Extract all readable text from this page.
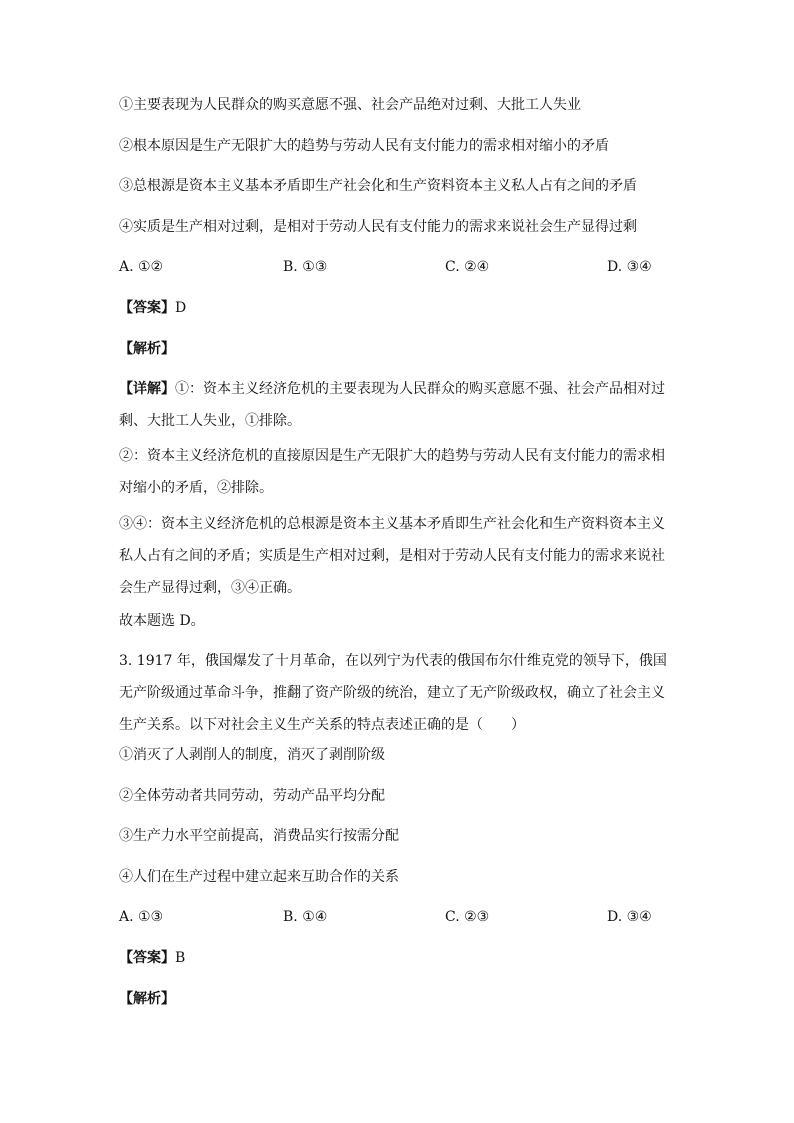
①主要表现为人民群众的购买意愿不强、社会产品绝对过剩、大批工人失业
②根本原因是生产无限扩大的趋势与劳动人民有支付能力的需求相对缩小的矛盾
③总根源是资本主义基本矛盾即生产社会化和生产资料资本主义私人占有之间的矛盾
④实质是生产相对过剩，是相对于劳动人民有支付能力的需求来说社会生产显得过剩
A. ①②	B. ①③	C. ②④	D. ③④
【答案】D
【解析】
【详解】①：资本主义经济危机的主要表现为人民群众的购买意愿不强、社会产品相对过剩、大批工人失业，①排除。
②：资本主义经济危机的直接原因是生产无限扩大的趋势与劳动人民有支付能力的需求相对缩小的矛盾，②排除。
③④：资本主义经济危机的总根源是资本主义基本矛盾即生产社会化和生产资料资本主义私人占有之间的矛盾；实质是生产相对过剩，是相对于劳动人民有支付能力的需求来说社会生产显得过剩，③④正确。
故本题选 D。
3. 1917 年，俄国爆发了十月革命，在以列宁为代表的俄国布尔什维克党的领导下，俄国无产阶级通过革命斗争，推翻了资产阶级的统治，建立了无产阶级政权，确立了社会主义生产关系。以下对社会主义生产关系的特点表述正确的是（　　）
①消灭了人剥削人的制度，消灭了剥削阶级
②全体劳动者共同劳动，劳动产品平均分配
③生产力水平空前提高，消费品实行按需分配
④人们在生产过程中建立起来互助合作的关系
A. ①③	B. ①④	C. ②③	D. ③④
【答案】B
【解析】
